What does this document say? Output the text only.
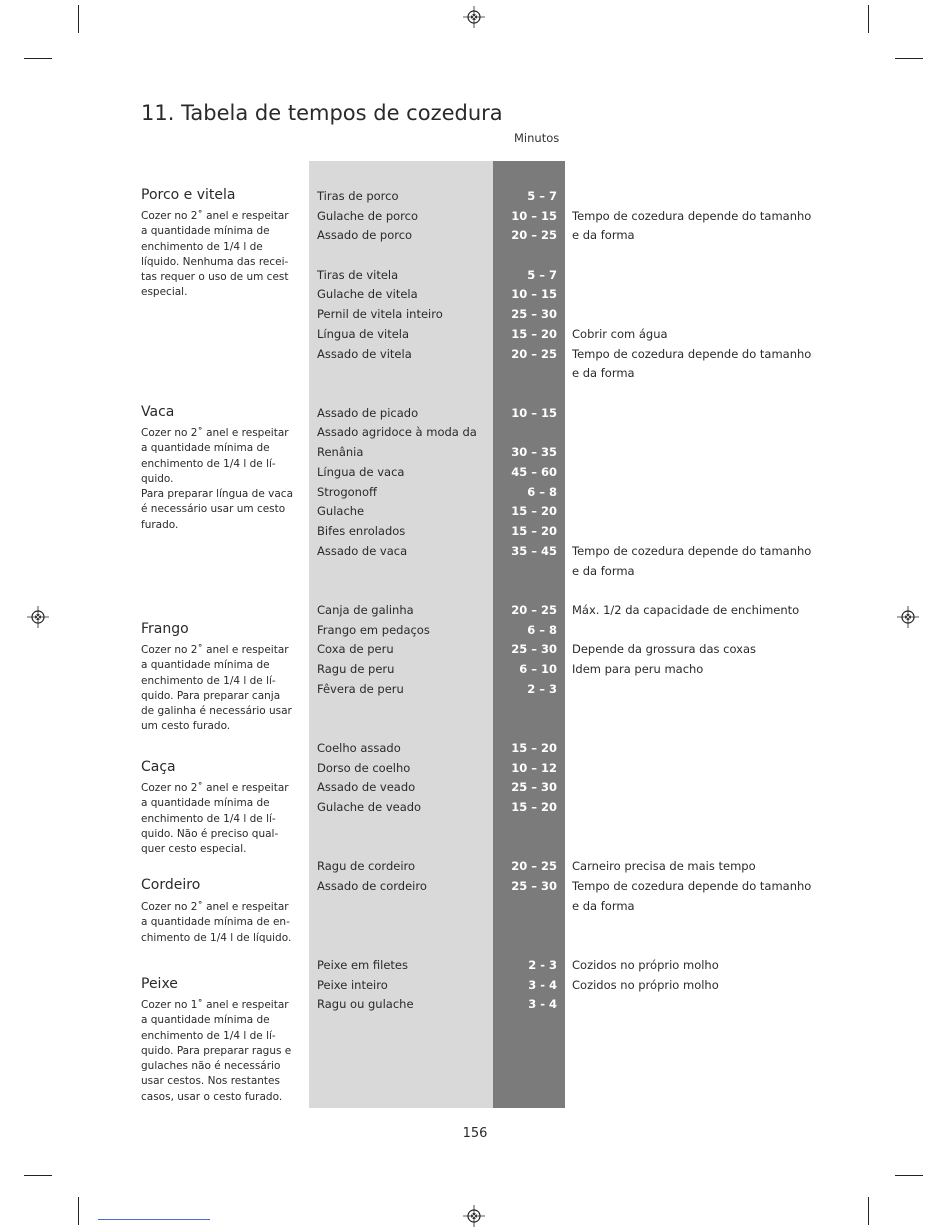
11. Tabela de tempos de cozedura
Minutos
Porco e vitela
Cozer no 2˚ anel e respeitar
a quantidade mínima de
enchimento de 1/4 l de
líquido. Nenhuma das recei-
tas requer o uso de um cest
especial.
Vaca
Cozer no 2˚ anel e respeitar
a quantidade mínima de
enchimento de 1/4 l de lí-
quido.
Para preparar língua de vaca
é necessário usar um cesto
furado.
Frango
Cozer no 2˚ anel e respeitar
a quantidade mínima de
enchimento de 1/4 l de lí-
quido. Para preparar canja
de galinha é necessário usar
um cesto furado.
Caça
Cozer no 2˚ anel e respeitar
a quantidade mínima de
enchimento de 1/4 l de lí-
quido. Não é preciso qual-
quer cesto especial.
Cordeiro
Cozer no 2˚ anel e respeitar
a quantidade mínima de en-
chimento de 1/4 l de líquido.
Peixe
Cozer no 1˚ anel e respeitar
a quantidade mínima de
enchimento de 1/4 l de lí-
quido. Para preparar ragus e
gulaches não é necessário
usar cestos. Nos restantes
casos, usar o cesto furado.
Tiras de porco	5 – 7
Gulache de porco	10 – 15 Tempo de cozedura depende do tamanho
Assado de porco	20 – 25 e da forma
Tiras de vitela	5 – 7
Gulache de vitela	10 – 15
Pernil de vitela inteiro	25 – 30
Língua de vitela	15 – 20 Cobrir com água
Assado de vitela	20 – 25 Tempo de cozedura depende do tamanho
e da forma
Assado de picado	10 – 15
Assado agridoce à moda da
Renânia	30 – 35
Língua de vaca	45 – 60
Strogonoff	6 – 8
Gulache	15 – 20
Bifes enrolados	15 – 20
Assado de vaca	35 – 45 Tempo de cozedura depende do tamanho
e da forma
Canja de galinha	20 – 25 Máx. 1/2 da capacidade de enchimento
Frango em pedaços	6 – 8
Coxa de peru	25 – 30 Depende da grossura das coxas
Ragu de peru	6 – 10 Idem para peru macho
Fêvera de peru	2 – 3
Coelho assado	15 – 20
Dorso de coelho	10 – 12
Assado de veado	25 – 30
Gulache de veado	15 – 20
Ragu de cordeiro	20 – 25 Carneiro precisa de mais tempo
Assado de cordeiro	25 – 30 Tempo de cozedura depende do tamanho
e da forma
Peixe em filetes	2 - 3 Cozidos no próprio molho
Peixe inteiro	3 - 4 Cozidos no próprio molho
Ragu ou gulache	3 - 4
156
